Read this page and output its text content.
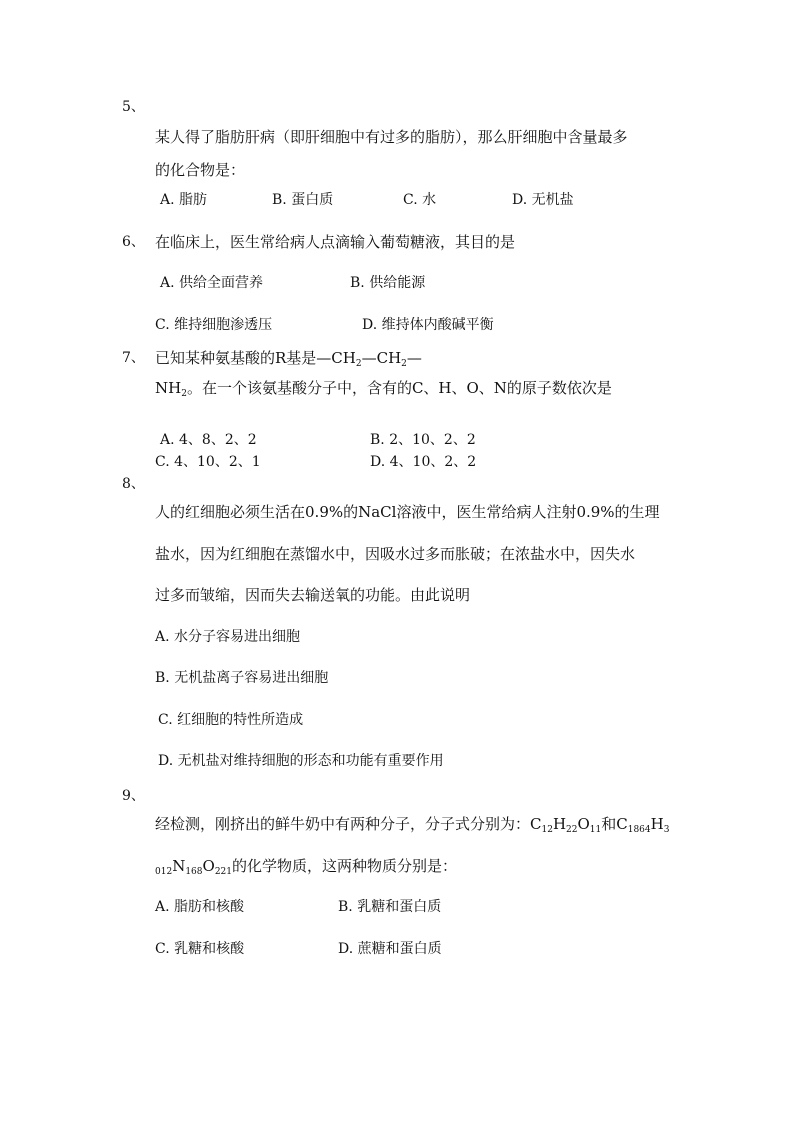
5、
某人得了脂肪肝病（即肝细胞中有过多的脂肪），那么肝细胞中含量最多
的化合物是：
A. 脂肪	B. 蛋白质	C. 水	D. 无机盐
6、 在临床上，医生常给病人点滴输入葡萄糖液，其目的是
A. 供给全面营养	B. 供给能源
C. 维持细胞渗透压	D. 维持体内酸碱平衡
7、 已知某种氨基酸的R基是$—CH_2—CH_2—$
$NH_2$。在一个该氨基酸分子中，含有的C、H、O、N的原子数依次是
A. 4、8、2、2	B. 2、10、2、2
C. 4、10、2、1	D. 4、10、2、2
8、
人的红细胞必须生活在0.9%的NaCl溶液中，医生常给病人注射0.9%的生理
盐水，因为红细胞在蒸馏水中，因吸水过多而胀破；在浓盐水中，因失水
过多而皱缩，因而失去输送氧的功能。由此说明
A. 水分子容易进出细胞
B. 无机盐离子容易进出细胞
C. 红细胞的特性所造成
D. 无机盐对维持细胞的形态和功能有重要作用
9、
经检测，刚挤出的鲜牛奶中有两种分子，分子式分别为：$C_{12}H_{22}O_{11}$和$C_{1864}H_3$
$_{012}N_{168}O_{221}$的化学物质，这两种物质分别是：
A. 脂肪和核酸	B. 乳糖和蛋白质
C. 乳糖和核酸	D. 蔗糖和蛋白质
